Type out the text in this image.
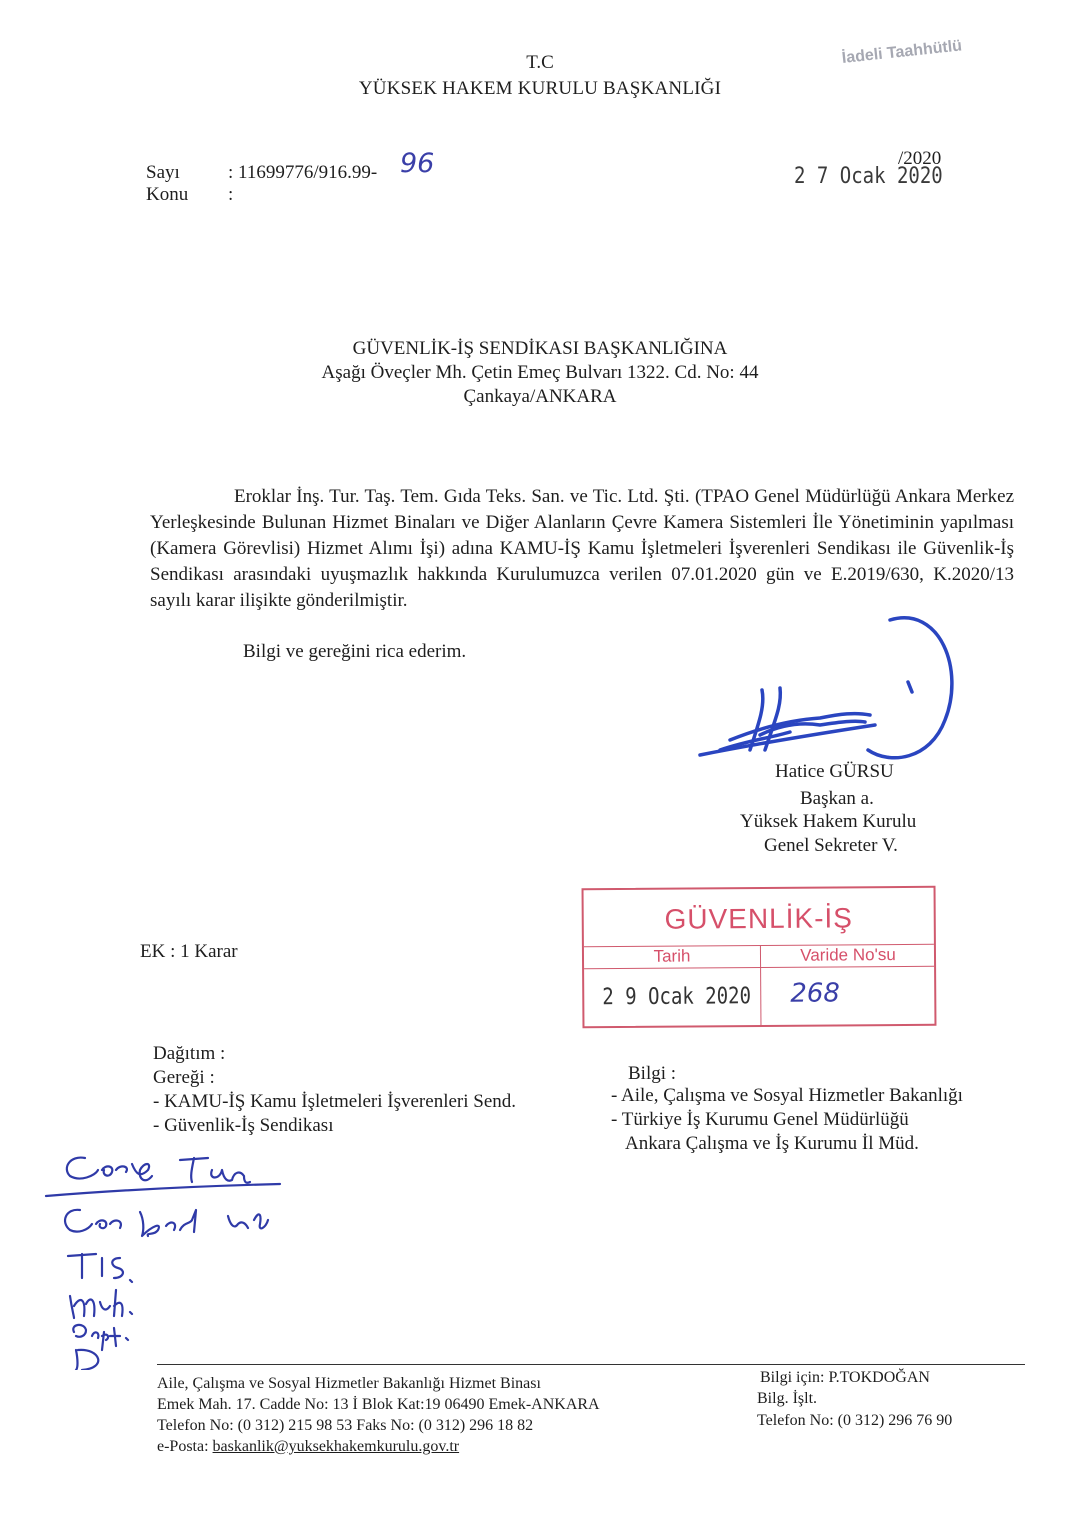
T.C
YÜKSEK HAKEM KURULU BAŞKANLIĞI
İadeli Taahhütlü
Sayı	: 11699776/916.99- 96
Konu :
2 7 Ocak 2020
/2020
GÜVENLİK-İŞ SENDİKASI BAŞKANLIĞINA
Aşağı Öveçler Mh. Çetin Emeç Bulvarı 1322. Cd. No: 44
Çankaya/ANKARA
Eroklar İnş. Tur. Taş. Tem. Gıda Teks. San. ve Tic. Ltd. Şti. (TPAO Genel Müdürlüğü Ankara Merkez Yerleşkesinde Bulunan Hizmet Binaları ve Diğer Alanların Çevre Kamera Sistemleri İle Yönetiminin yapılması (Kamera Görevlisi) Hizmet Alımı İşi) adına KAMU-İŞ Kamu İşletmeleri İşverenleri Sendikası ile Güvenlik-İş Sendikası arasındaki uyuşmazlık hakkında Kurulumuzca verilen 07.01.2020 gün ve E.2019/630, K.2020/13 sayılı karar ilişikte gönderilmiştir.
Bilgi ve gereğini rica ederim.
Hatice GÜRSU
Başkan a.
Yüksek Hakem Kurulu
Genel Sekreter V.
GÜVENLİK-İŞ
Tarih	Varide No'su
2 9 Ocak 2020 268
EK : 1 Karar
Dağıtım :
Gereği :
- KAMU-İŞ Kamu İşletmeleri İşverenleri Send.
- Güvenlik-İş Sendikası
Bilgi :
- Aile, Çalışma ve Sosyal Hizmetler Bakanlığı
- Türkiye İş Kurumu Genel Müdürlüğü
Ankara Çalışma ve İş Kurumu İl Müd.
Aile, Çalışma ve Sosyal Hizmetler Bakanlığı Hizmet Binası
Emek Mah. 17. Cadde No: 13 İ Blok Kat:19 06490 Emek-ANKARA
Telefon No: (0 312) 215 98 53 Faks No: (0 312) 296 18 82
e-Posta: baskanlik@yuksekhakemkurulu.gov.tr
Bilgi için: P.TOKDOĞAN
Bilg. İşlt.
Telefon No: (0 312) 296 76 90
